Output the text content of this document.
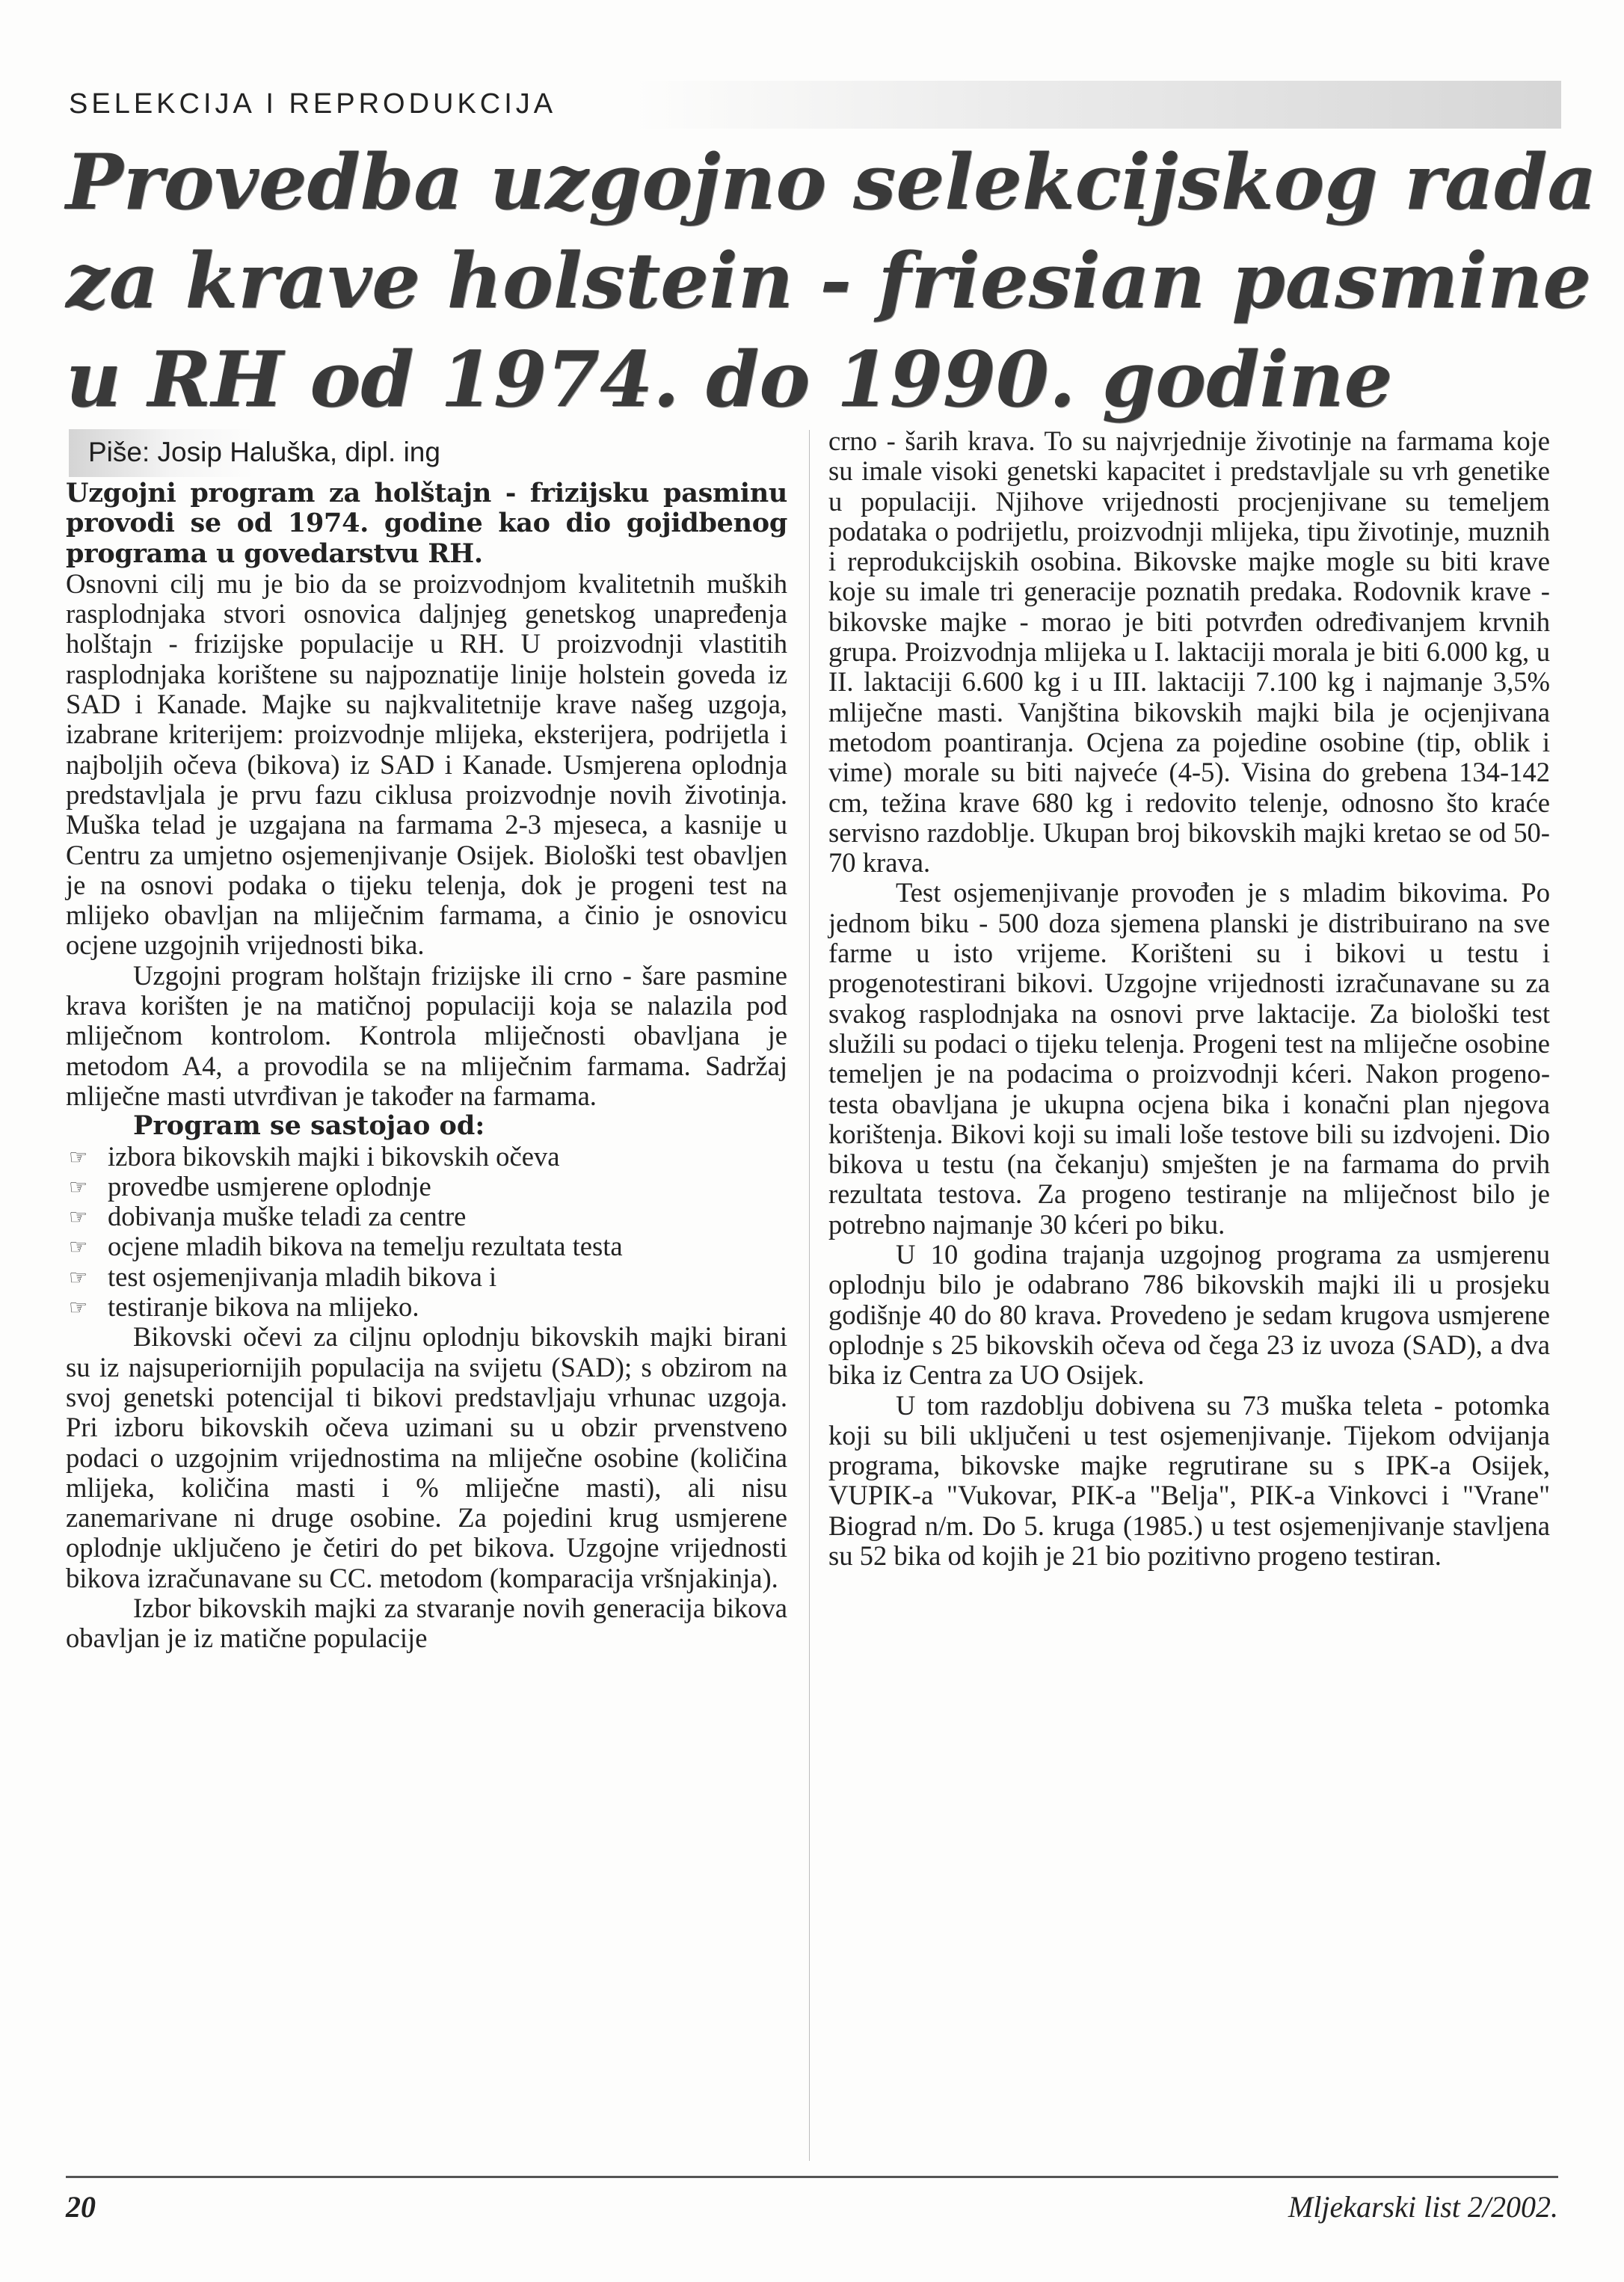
SELEKCIJA I REPRODUKCIJA
Provedba uzgojno selekcijskog rada
za krave holstein - friesian pasmine
u RH od 1974. do 1990. godine
Piše: Josip Haluška, dipl. ing

Uzgojni program za holštajn - frizijsku pasminu provodi se od 1974. godine kao dio gojidbenog programa u govedarstvu RH.

Osnovni cilj mu je bio da se proizvodnjom kvalitetnih muških rasplodnjaka stvori osnovica daljnjeg genetskog unapređenja holštajn - frizijske populacije u RH. U proizvodnji vlastitih rasplodnjaka korištene su najpoznatije linije holstein goveda iz SAD i Kanade. Majke su najkvalitetnije krave našeg uzgoja, izabrane kriterijem: proizvodnje mlijeka, eksterijera, podrijetla i najboljih očeva (bikova) iz SAD i Kanade. Usmjerena oplodnja predstavljala je prvu fazu ciklusa proizvodnje novih životinja. Muška telad je uzgajana na farmama 2-3 mjeseca, a kasnije u Centru za umjetno osjemenjivanje Osijek. Biološki test obavljen je na osnovi podaka o tijeku telenja, dok je progeni test na mlijeko obavljan na mliječnim farmama, a činio je osnovicu ocjene uzgojnih vrijednosti bika.

Uzgojni program holštajn frizijske ili crno - šare pasmine krava korišten je na matičnoj populaciji koja se nalazila pod mliječnom kontrolom. Kontrola mliječnosti obavljana je metodom A4, a provodila se na mliječnim farmama. Sadržaj mliječne masti utvrđivan je također na farmama.

Program se sastojao od:

☞ izbora bikovskih majki i bikovskih očeva
☞ provedbe usmjerene oplodnje
☞ dobivanja muške teladi za centre
☞ ocjene mladih bikova na temelju rezultata testa
☞ test osjemenjivanja mladih bikova i
☞ testiranje bikova na mlijeko.

Bikovski očevi za ciljnu oplodnju bikovskih majki birani su iz najsuperiornijih populacija na svijetu (SAD); s obzirom na svoj genetski potencijal ti bikovi predstavljaju vrhunac uzgoja. Pri izboru bikovskih očeva uzimani su u obzir prvenstveno podaci o uzgojnim vrijednostima na mliječne osobine (količina mlijeka, količina masti i % mliječne masti), ali nisu zanemarivane ni druge osobine. Za pojedini krug usmjerene oplodnje uključeno je četiri do pet bikova. Uzgojne vrijednosti bikova izračunavane su CC. metodom (komparacija vršnjakinja).

Izbor bikovskih majki za stvaranje novih generacija bikova obavljan je iz matične populacije

crno - šarih krava. To su najvrjednije životinje na farmama koje su imale visoki genetski kapacitet i predstavljale su vrh genetike u populaciji. Njihove vrijednosti procjenjivane su temeljem podataka o podrijetlu, proizvodnji mlijeka, tipu životinje, muznih i reprodukcijskih osobina. Bikovske majke mogle su biti krave koje su imale tri generacije poznatih predaka. Rodovnik krave - bikovske majke - morao je biti potvrđen određivanjem krvnih grupa. Proizvodnja mlijeka u I. laktaciji morala je biti 6.000 kg, u II. laktaciji 6.600 kg i u III. laktaciji 7.100 kg i najmanje 3,5% mliječne masti. Vanjština bikovskih majki bila je ocjenjivana metodom poantiranja. Ocjena za pojedine osobine (tip, oblik i vime) morale su biti najveće (4-5). Visina do grebena 134-142 cm, težina krave 680 kg i redovito telenje, odnosno što kraće servisno razdoblje. Ukupan broj bikovskih majki kretao se od 50-70 krava.

Test osjemenjivanje provođen je s mladim bikovima. Po jednom biku - 500 doza sjemena planski je distribuirano na sve farme u isto vrijeme. Korišteni su i bikovi u testu i progenotestirani bikovi. Uzgojne vrijednosti izračunavane su za svakog rasplodnjaka na osnovi prve laktacije. Za biološki test služili su podaci o tijeku telenja. Progeni test na mliječne osobine temeljen je na podacima o proizvodnji kćeri. Nakon progeno-testa obavljana je ukupna ocjena bika i konačni plan njegova korištenja. Bikovi koji su imali loše testove bili su izdvojeni. Dio bikova u testu (na čekanju) smješten je na farmama do prvih rezultata testova. Za progeno testiranje na mliječnost bilo je potrebno najmanje 30 kćeri po biku.

U 10 godina trajanja uzgojnog programa za usmjerenu oplodnju bilo je odabrano 786 bikovskih majki ili u prosjeku godišnje 40 do 80 krava. Provedeno je sedam krugova usmjerene oplodnje s 25 bikovskih očeva od čega 23 iz uvoza (SAD), a dva bika iz Centra za UO Osijek.

U tom razdoblju dobivena su 73 muška teleta - potomka koji su bili uključeni u test osjemenjivanje. Tijekom odvijanja programa, bikovske majke regrutirane su s IPK-a Osijek, VUPIK-a "Vukovar, PIK-a "Belja", PIK-a Vinkovci i "Vrane" Biograd n/m. Do 5. kruga (1985.) u test osjemenjivanje stavljena su 52 bika od kojih je 21 bio pozitivno progeno testiran.

20	Mljekarski list 2/2002.
